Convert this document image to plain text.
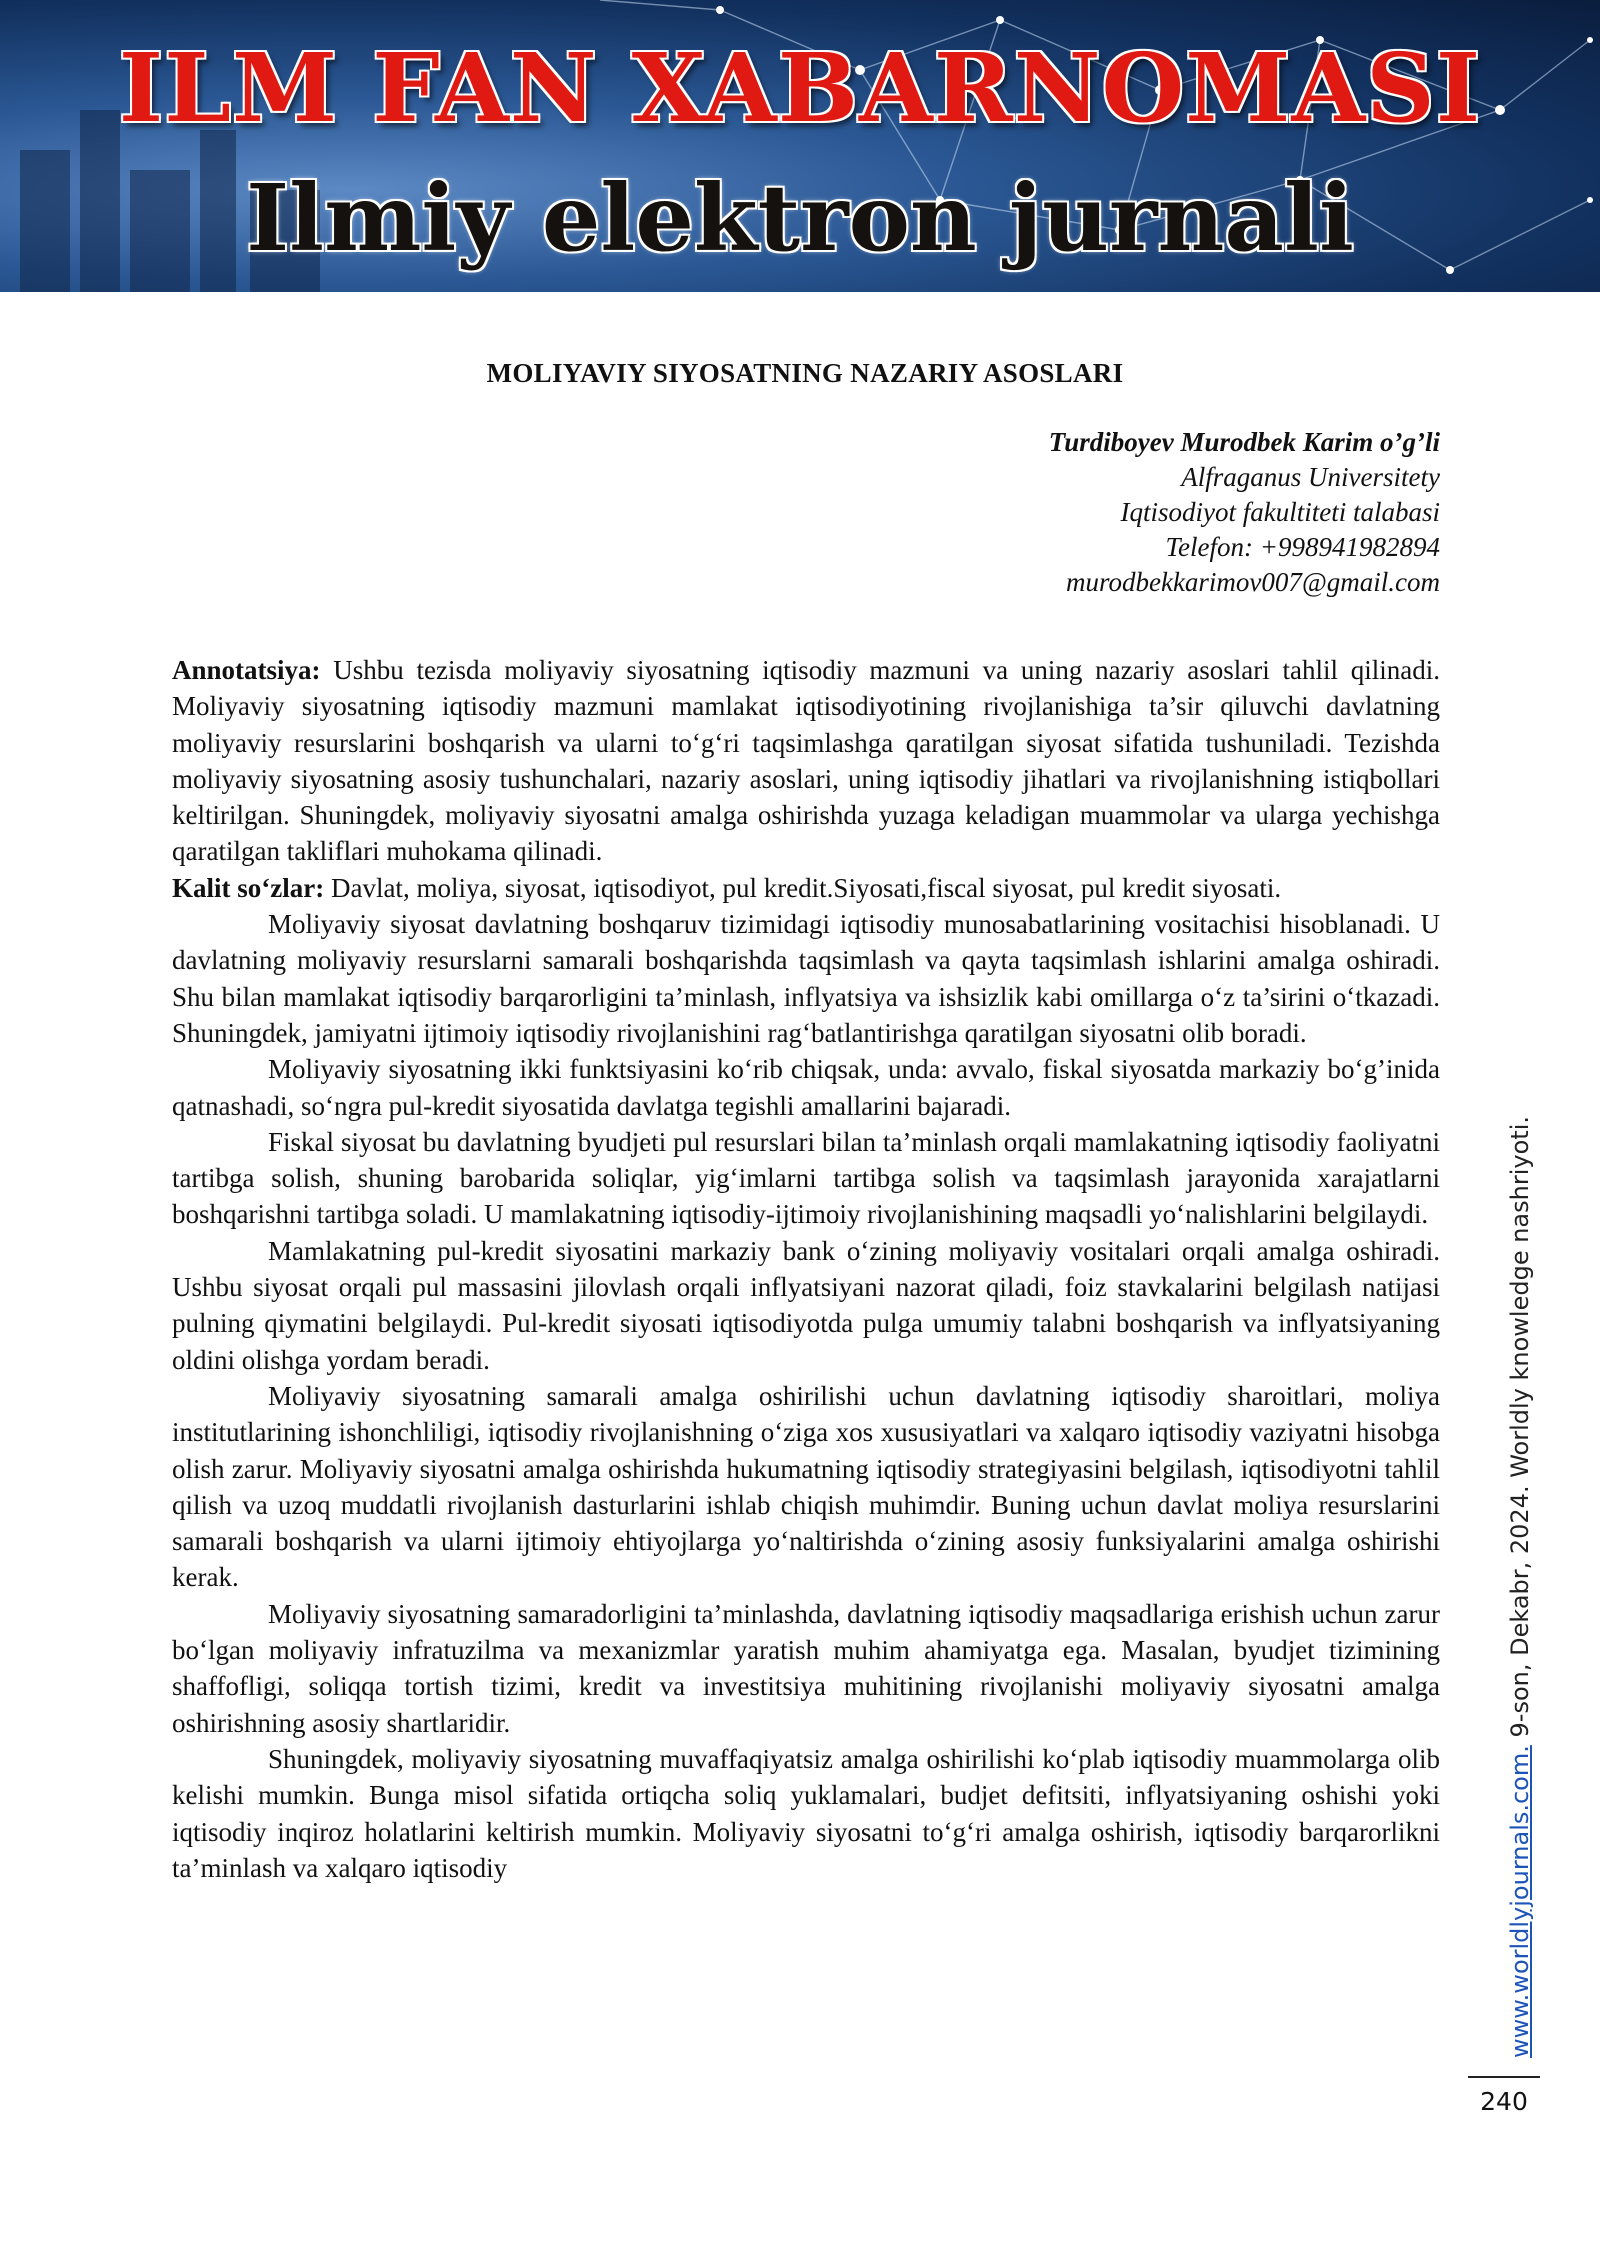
ILM FAN XABARNOMASI
Ilmiy elektron jurnali
MOLIYAVIY SIYOSATNING NAZARIY ASOSLARI
Turdiboyev Murodbek Karim o’g’li
Alfraganus Universitety
Iqtisodiyot fakultiteti talabasi
Telefon: +998941982894
murodbekkarimov007@gmail.com

Annotatsiya: Ushbu tezisda moliyaviy siyosatning iqtisodiy mazmuni va uning nazariy asoslari tahlil qilinadi. Moliyaviy siyosatning iqtisodiy mazmuni mamlakat iqtisodiyotining rivojlanishiga ta’sir qiluvchi davlatning moliyaviy resurslarini boshqarish va ularni to‘g‘ri taqsimlashga qaratilgan siyosat sifatida tushuniladi. Tezishda moliyaviy siyosatning asosiy tushunchalari, nazariy asoslari, uning iqtisodiy jihatlari va rivojlanishning istiqbollari keltirilgan. Shuningdek, moliyaviy siyosatni amalga oshirishda yuzaga keladigan muammolar va ularga yechishga qaratilgan takliflari muhokama qilinadi.

Kalit so‘zlar: Davlat, moliya, siyosat, iqtisodiyot, pul kredit.Siyosati,fiscal siyosat, pul kredit siyosati.

Moliyaviy siyosat davlatning boshqaruv tizimidagi iqtisodiy munosabatlarining vositachisi hisoblanadi. U davlatning moliyaviy resurslarni samarali boshqarishda taqsimlash va qayta taqsimlash ishlarini amalga oshiradi. Shu bilan mamlakat iqtisodiy barqarorligini ta’minlash, inflyatsiya va ishsizlik kabi omillarga o‘z ta’sirini o‘tkazadi. Shuningdek, jamiyatni ijtimoiy iqtisodiy rivojlanishini rag‘batlantirishga qaratilgan siyosatni olib boradi.

Moliyaviy siyosatning ikki funktsiyasini ko‘rib chiqsak, unda: avvalo, fiskal siyosatda markaziy bo‘g’inida qatnashadi, so‘ngra pul-kredit siyosatida davlatga tegishli amallarini bajaradi.

Fiskal siyosat bu davlatning byudjeti pul resurslari bilan ta’minlash orqali mamlakatning iqtisodiy faoliyatni tartibga solish, shuning barobarida soliqlar, yig‘imlarni tartibga solish va taqsimlash jarayonida xarajatlarni boshqarishni tartibga soladi. U mamlakatning iqtisodiy-ijtimoiy rivojlanishining maqsadli yo‘nalishlarini belgilaydi.

Mamlakatning pul-kredit siyosatini markaziy bank o‘zining moliyaviy vositalari orqali amalga oshiradi. Ushbu siyosat orqali pul massasini jilovlash orqali inflyatsiyani nazorat qiladi, foiz stavkalarini belgilash natijasi pulning qiymatini belgilaydi. Pul-kredit siyosati iqtisodiyotda pulga umumiy talabni boshqarish va inflyatsiyaning oldini olishga yordam beradi.

Moliyaviy siyosatning samarali amalga oshirilishi uchun davlatning iqtisodiy sharoitlari, moliya institutlarining ishonchliligi, iqtisodiy rivojlanishning o‘ziga xos xususiyatlari va xalqaro iqtisodiy vaziyatni hisobga olish zarur. Moliyaviy siyosatni amalga oshirishda hukumatning iqtisodiy strategiyasini belgilash, iqtisodiyotni tahlil qilish va uzoq muddatli rivojlanish dasturlarini ishlab chiqish muhimdir. Buning uchun davlat moliya resurslarini samarali boshqarish va ularni ijtimoiy ehtiyojlarga yo‘naltirishda o‘zining asosiy funksiyalarini amalga oshirishi kerak.

Moliyaviy siyosatning samaradorligini ta’minlashda, davlatning iqtisodiy maqsadlariga erishish uchun zarur bo‘lgan moliyaviy infratuzilma va mexanizmlar yaratish muhim ahamiyatga ega. Masalan, byudjet tizimining shaffofligi, soliqqa tortish tizimi, kredit va investitsiya muhitining rivojlanishi moliyaviy siyosatni amalga oshirishning asosiy shartlaridir.

Shuningdek, moliyaviy siyosatning muvaffaqiyatsiz amalga oshirilishi ko‘plab iqtisodiy muammolarga olib kelishi mumkin. Bunga misol sifatida ortiqcha soliq yuklamalari, budjet defitsiti, inflyatsiyaning oshishi yoki iqtisodiy inqiroz holatlarini keltirish mumkin. Moliyaviy siyosatni to‘g‘ri amalga oshirish, iqtisodiy barqarorlikni ta’minlash va xalqaro iqtisodiy	www.worldlyjournals.com. 9-son, Dekabr, 2024. Worldly knowledge nashriyoti.
240
